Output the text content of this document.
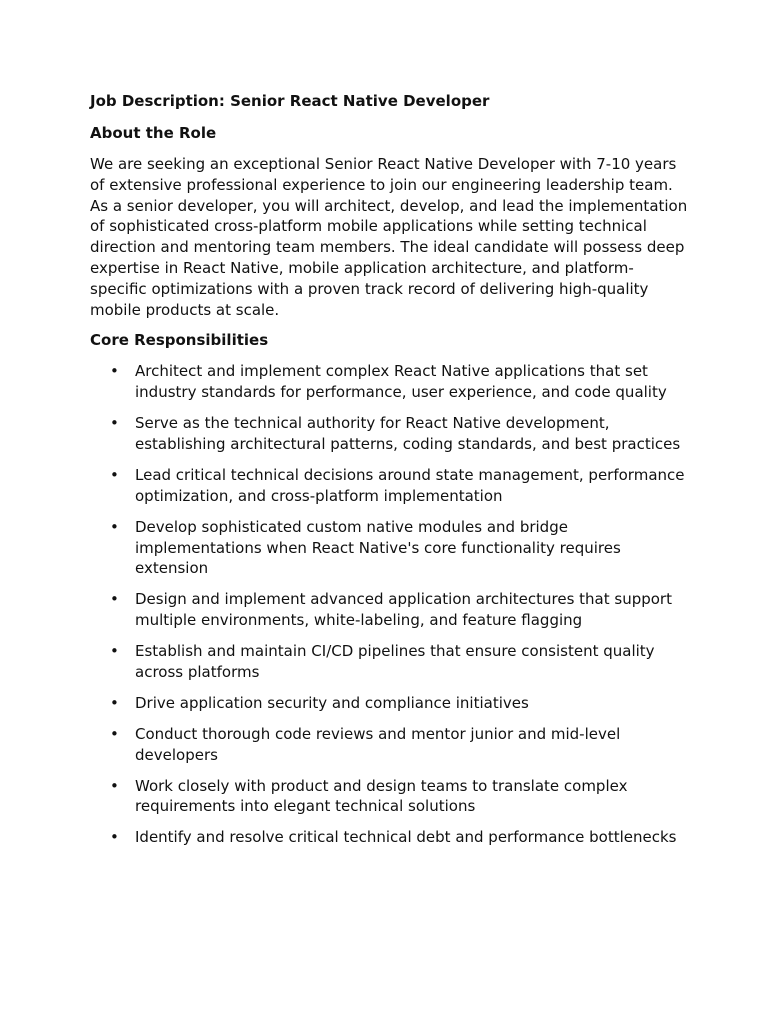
Job Description: Senior React Native Developer

About the Role

We are seeking an exceptional Senior React Native Developer with 7-10 years of extensive professional experience to join our engineering leadership team. As a senior developer, you will architect, develop, and lead the implementation of sophisticated cross-platform mobile applications while setting technical direction and mentoring team members. The ideal candidate will possess deep expertise in React Native, mobile application architecture, and platform-specific optimizations with a proven track record of delivering high-quality mobile products at scale.

Core Responsibilities

• Architect and implement complex React Native applications that set industry standards for performance, user experience, and code quality
• Serve as the technical authority for React Native development, establishing architectural patterns, coding standards, and best practices
• Lead critical technical decisions around state management, performance optimization, and cross-platform implementation
• Develop sophisticated custom native modules and bridge implementations when React Native's core functionality requires extension
• Design and implement advanced application architectures that support multiple environments, white-labeling, and feature flagging
• Establish and maintain CI/CD pipelines that ensure consistent quality across platforms
• Drive application security and compliance initiatives
• Conduct thorough code reviews and mentor junior and mid-level developers
• Work closely with product and design teams to translate complex requirements into elegant technical solutions
• Identify and resolve critical technical debt and performance bottlenecks
